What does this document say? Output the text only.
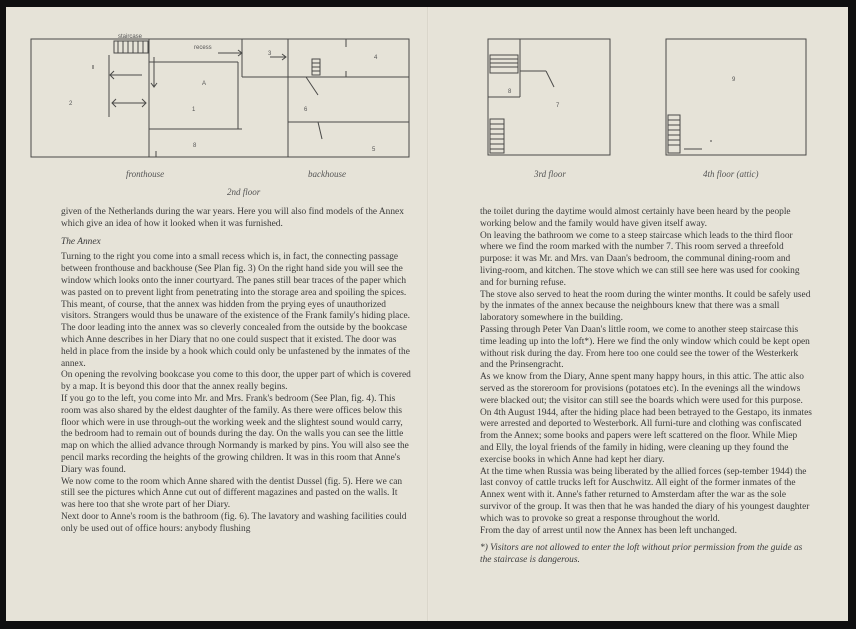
staircase
recess
3
4
2
A
1	6
8
5
8
7
9
fronthouse	backhouse
2nd floor
3rd floor	4th floor (attic)

given of the Netherlands during the war years. Here you will also find models of the Annex which give an idea of how it looked when it was furnished.

The Annex

Turning to the right you come into a small recess which is, in fact, the connecting passage between fronthouse and backhouse (See Plan fig. 3) On the right hand side you will see the window which looks onto the inner courtyard. The panes still bear traces of the paper which was pasted on to prevent light from penetrating into the storage area and spoiling the spices. This meant, of course, that the annex was hidden from the prying eyes of unauthorized visitors. Strangers would thus be unaware of the existence of the Frank family's hiding place.

The door leading into the annex was so cleverly concealed from the outside by the bookcase which Anne describes in her Diary that no one could suspect that it existed. The door was held in place from the inside by a hook which could only be unfastened by the inmates of the annex.

On opening the revolving bookcase you come to this door, the upper part of which is covered by a map. It is beyond this door that the annex really begins.

If you go to the left, you come into Mr. and Mrs. Frank's bedroom (See Plan, fig. 4). This room was also shared by the eldest daughter of the family. As there were offices below this floor which were in use through-out the working week and the slightest sound would carry, the bedroom had to remain out of bounds during the day. On the walls you can see the little map on which the allied advance through Normandy is marked by pins. You will also see the pencil marks recording the heights of the growing children. It was in this room that Anne's Diary was found.

We now come to the room which Anne shared with the dentist Dussel (fig. 5). Here we can still see the pictures which Anne cut out of different magazines and pasted on the walls. It was here too that she wrote part of her Diary.

Next door to Anne's room is the bathroom (fig. 6). The lavatory and washing facilities could only be used out of office hours: anybody flushing

the toilet during the daytime would almost certainly have been heard by the people working below and the family would have given itself away.

On leaving the bathroom we come to a steep staircase which leads to the third floor where we find the room marked with the number 7. This room served a threefold purpose: it was Mr. and Mrs. van Daan's bedroom, the communal dining-room and living-room, and kitchen. The stove which we can still see here was used for cooking and for burning refuse.

The stove also served to heat the room during the winter months. It could be safely used by the inmates of the annex because the neighbours knew that there was a small laboratory somewhere in the building.

Passing through Peter Van Daan's little room, we come to another steep staircase this time leading up into the loft*). Here we find the only window which could be kept open without risk during the day. From here too one could see the tower of the Westerkerk and the Prinsengracht.

As we know from the Diary, Anne spent many happy hours, in this attic. The attic also served as the storeroom for provisions (potatoes etc). In the evenings all the windows were blacked out; the visitor can still see the boards which were used for this purpose.

On 4th August 1944, after the hiding place had been betrayed to the Gestapo, its inmates were arrested and deported to Westerbork. All furni-ture and clothing was confiscated from the Annex; some books and papers were left scattered on the floor. While Miep and Elly, the loyal friends of the family in hiding, were cleaning up they found the exercise books in which Anne had kept her diary.

At the time when Russia was being liberated by the allied forces (sep-tember 1944) the last convoy of cattle trucks left for Auschwitz. All eight of the former inmates of the Annex went with it. Anne's father returned to Amsterdam after the war as the sole survivor of the group. It was then that he was handed the diary of his youngest daughter which was to provoke so great a response throughout the world.

From the day of arrest until now the Annex has been left unchanged.

*) Visitors are not allowed to enter the loft without prior permission from the guide as the staircase is dangerous.
